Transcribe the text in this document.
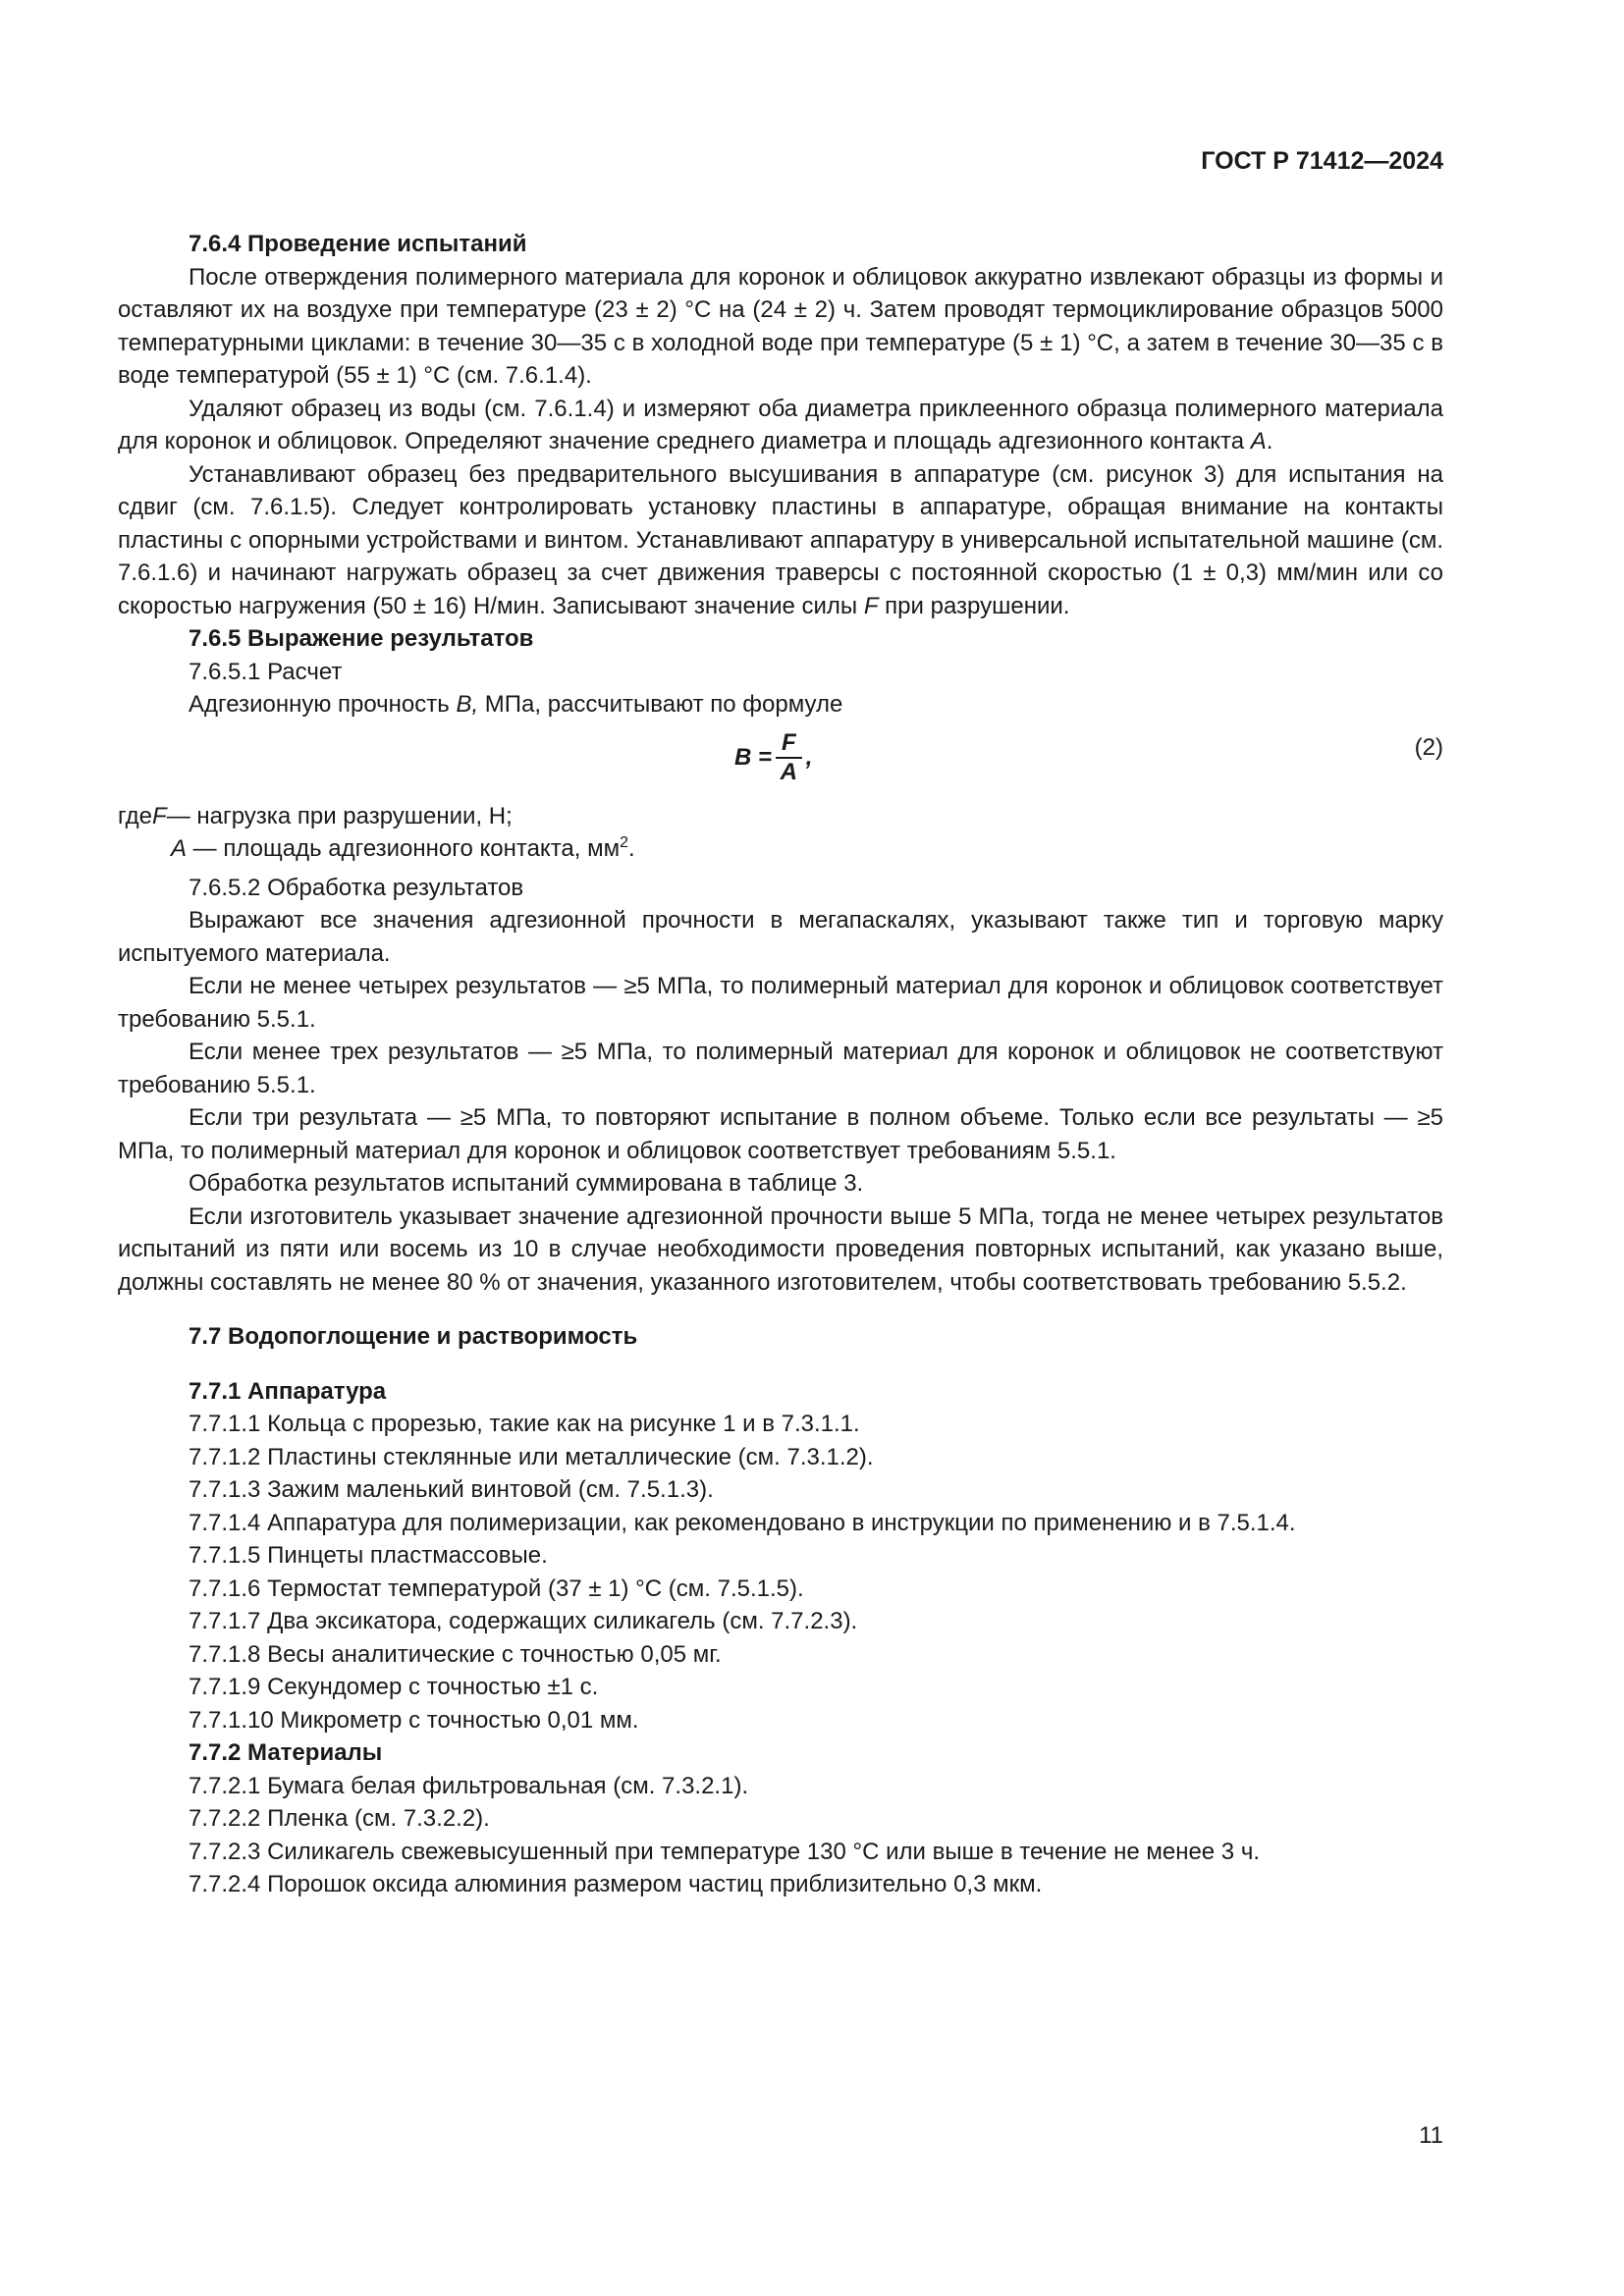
ГОСТ Р 71412—2024

7.6.4 Проведение испытаний

После отверждения полимерного материала для коронок и облицовок аккуратно извлекают образцы из формы и оставляют их на воздухе при температуре (23 ± 2) °C на (24 ± 2) ч. Затем проводят термоциклирование образцов 5000 температурными циклами: в течение 30—35 с в холодной воде при температуре (5 ± 1) °C, а затем в течение 30—35 с в воде температурой (55 ± 1) °C (см. 7.6.1.4).

Удаляют образец из воды (см. 7.6.1.4) и измеряют оба диаметра приклеенного образца полимерного материала для коронок и облицовок. Определяют значение среднего диаметра и площадь адгезионного контакта A.

Устанавливают образец без предварительного высушивания в аппаратуре (см. рисунок 3) для испытания на сдвиг (см. 7.6.1.5). Следует контролировать установку пластины в аппаратуре, обращая внимание на контакты пластины с опорными устройствами и винтом. Устанавливают аппаратуру в универсальной испытательной машине (см. 7.6.1.6) и начинают нагружать образец за счет движения траверсы с постоянной скоростью (1 ± 0,3) мм/мин или со скоростью нагружения (50 ± 16) Н/мин. Записывают значение силы F при разрушении.

7.6.5 Выражение результатов

7.6.5.1 Расчет

Адгезионную прочность B, МПа, рассчитывают по формуле

$B = \frac{F}{A}$ ,	(2)

где F — нагрузка при разрушении, Н;

A — площадь адгезионного контакта, $мм^2$.

7.6.5.2 Обработка результатов

Выражают все значения адгезионной прочности в мегапаскалях, указывают также тип и торговую марку испытуемого материала.

Если не менее четырех результатов — ≥5 МПа, то полимерный материал для коронок и облицовок соответствует требованию 5.5.1.

Если менее трех результатов — ≥5 МПа, то полимерный материал для коронок и облицовок не соответствуют требованию 5.5.1.

Если три результата — ≥5 МПа, то повторяют испытание в полном объеме. Только если все результаты — ≥5 МПа, то полимерный материал для коронок и облицовок соответствует требованиям 5.5.1.

Обработка результатов испытаний суммирована в таблице 3.

Если изготовитель указывает значение адгезионной прочности выше 5 МПа, тогда не менее четырех результатов испытаний из пяти или восемь из 10 в случае необходимости проведения повторных испытаний, как указано выше, должны составлять не менее 80 % от значения, указанного изготовителем, чтобы соответствовать требованию 5.5.2.

7.7 Водопоглощение и растворимость

7.7.1 Аппаратура

7.7.1.1 Кольца с прорезью, такие как на рисунке 1 и в 7.3.1.1.

7.7.1.2 Пластины стеклянные или металлические (см. 7.3.1.2).

7.7.1.3 Зажим маленький винтовой (см. 7.5.1.3).

7.7.1.4 Аппаратура для полимеризации, как рекомендовано в инструкции по применению и в 7.5.1.4.

7.7.1.5 Пинцеты пластмассовые.

7.7.1.6 Термостат температурой (37 ± 1) °С (см. 7.5.1.5).

7.7.1.7 Два эксикатора, содержащих силикагель (см. 7.7.2.3).

7.7.1.8 Весы аналитические с точностью 0,05 мг.

7.7.1.9 Секундомер с точностью ±1 с.

7.7.1.10 Микрометр с точностью 0,01 мм.

7.7.2 Материалы

7.7.2.1 Бумага белая фильтровальная (см. 7.3.2.1).

7.7.2.2 Пленка (см. 7.3.2.2).

7.7.2.3 Силикагель свежевысушенный при температуре 130 °С или выше в течение не менее 3 ч.

7.7.2.4 Порошок оксида алюминия размером частиц приблизительно 0,3 мкм.

11
